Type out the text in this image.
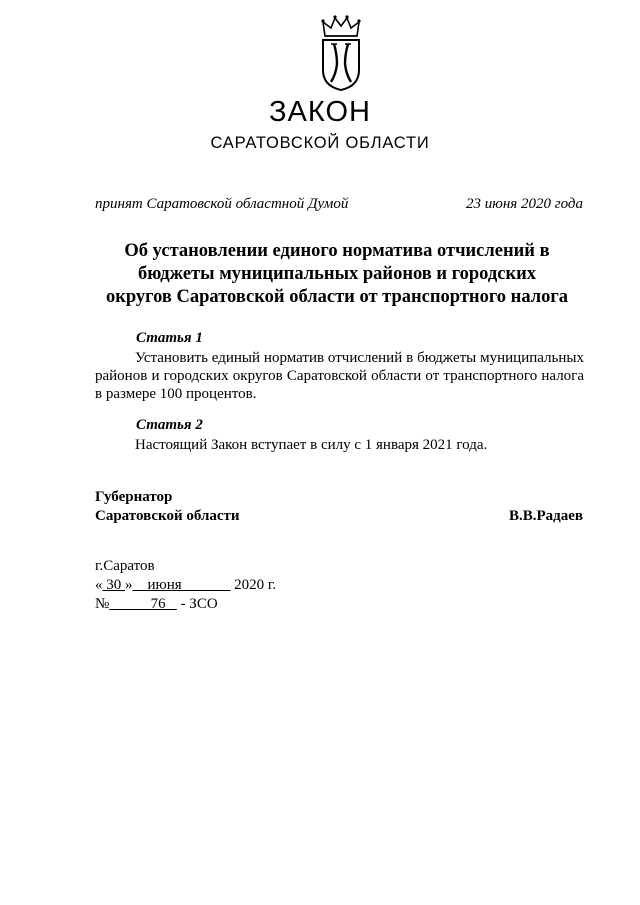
ЗАКОН
САРАТОВСКОЙ ОБЛАСТИ
принят Саратовской областной Думой	23 июня 2020 года
Об установлении единого норматива отчислений в
бюджеты муниципальных районов и городских
округов Саратовской области от транспортного налога
Статья 1

Установить единый норматив отчислений в бюджеты муниципальных районов и городских округов Саратовской области от транспортного налога в размере 100 процентов.

Статья 2

Настоящий Закон вступает в силу с 1 января 2021 года.

Губернатор
Саратовской области	В.В.Радаев
г.Саратов
« 30 » июня	2020 г.
№	76 - ЗСО
